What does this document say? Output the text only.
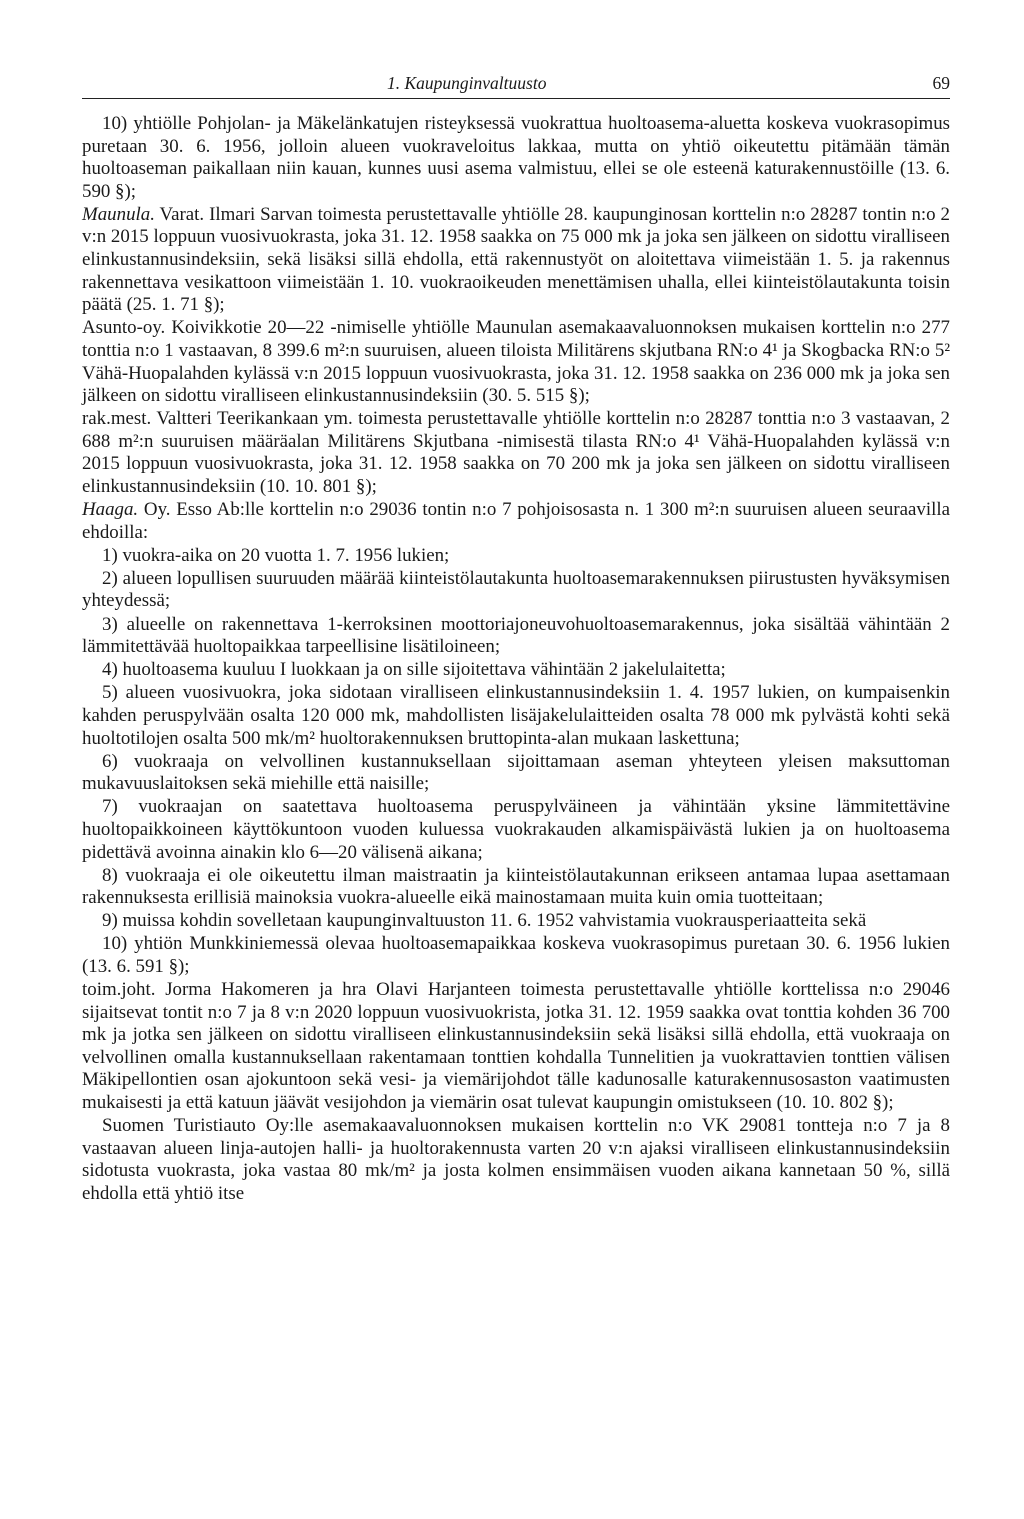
1. Kaupunginvaltuusto	69

10) yhtiölle Pohjolan- ja Mäkelänkatujen risteyksessä vuokrattua huoltoasema-aluetta koskeva vuokrasopimus puretaan 30. 6. 1956, jolloin alueen vuokraveloitus lakkaa, mutta on yhtiö oikeutettu pitämään tämän huoltoaseman paikallaan niin kauan, kunnes uusi asema valmistuu, ellei se ole esteenä katurakennustöille (13. 6. 590 §);

Maunula. Varat. Ilmari Sarvan toimesta perustettavalle yhtiölle 28. kaupunginosan korttelin n:o 28287 tontin n:o 2 v:n 2015 loppuun vuosivuokrasta, joka 31. 12. 1958 saakka on 75 000 mk ja joka sen jälkeen on sidottu viralliseen elinkustannusindeksiin, sekä lisäksi sillä ehdolla, että rakennustyöt on aloitettava viimeistään 1. 5. ja rakennus rakennettava vesikattoon viimeistään 1. 10. vuokraoikeuden menettämisen uhalla, ellei kiinteistölautakunta toisin päätä (25. 1. 71 §);

Asunto-oy. Koivikkotie 20—22 -nimiselle yhtiölle Maunulan asemakaavaluonnoksen mukaisen korttelin n:o 277 tonttia n:o 1 vastaavan, 8 399.6 m²:n suuruisen, alueen tiloista Militärens skjutbana RN:o 4¹ ja Skogbacka RN:o 5² Vähä-Huopalahden kylässä v:n 2015 loppuun vuosivuokrasta, joka 31. 12. 1958 saakka on 236 000 mk ja joka sen jälkeen on sidottu viralliseen elinkustannusindeksiin (30. 5. 515 §);

rak.mest. Valtteri Teerikankaan ym. toimesta perustettavalle yhtiölle korttelin n:o 28287 tonttia n:o 3 vastaavan, 2 688 m²:n suuruisen määräalan Militärens Skjutbana -nimisestä tilasta RN:o 4¹ Vähä-Huopalahden kylässä v:n 2015 loppuun vuosivuokrasta, joka 31. 12. 1958 saakka on 70 200 mk ja joka sen jälkeen on sidottu viralliseen elinkustannusindeksiin (10. 10. 801 §);

Haaga. Oy. Esso Ab:lle korttelin n:o 29036 tontin n:o 7 pohjoisosasta n. 1 300 m²:n suuruisen alueen seuraavilla ehdoilla:

1) vuokra-aika on 20 vuotta 1. 7. 1956 lukien;

2) alueen lopullisen suuruuden määrää kiinteistölautakunta huoltoasemarakennuksen piirustusten hyväksymisen yhteydessä;

3) alueelle on rakennettava 1-kerroksinen moottoriajoneuvohuoltoasemarakennus, joka sisältää vähintään 2 lämmitettävää huoltopaikkaa tarpeellisine lisätiloineen;

4) huoltoasema kuuluu I luokkaan ja on sille sijoitettava vähintään 2 jakelulaitetta;

5) alueen vuosivuokra, joka sidotaan viralliseen elinkustannusindeksiin 1. 4. 1957 lukien, on kumpaisenkin kahden peruspylvään osalta 120 000 mk, mahdollisten lisäjakelulaitteiden osalta 78 000 mk pylvästä kohti sekä huoltotilojen osalta 500 mk/m² huoltorakennuksen bruttopinta-alan mukaan laskettuna;

6) vuokraaja on velvollinen kustannuksellaan sijoittamaan aseman yhteyteen yleisen maksuttoman mukavuuslaitoksen sekä miehille että naisille;

7) vuokraajan on saatettava huoltoasema peruspylväineen ja vähintään yksine lämmitettävine huoltopaikkoineen käyttökuntoon vuoden kuluessa vuokrakauden alkamispäivästä lukien ja on huoltoasema pidettävä avoinna ainakin klo 6—20 välisenä aikana;

8) vuokraaja ei ole oikeutettu ilman maistraatin ja kiinteistölautakunnan erikseen antamaa lupaa asettamaan rakennuksesta erillisiä mainoksia vuokra-alueelle eikä mainostamaan muita kuin omia tuotteitaan;

9) muissa kohdin sovelletaan kaupunginvaltuuston 11. 6. 1952 vahvistamia vuokrausperiaatteita sekä

10) yhtiön Munkkiniemessä olevaa huoltoasemapaikkaa koskeva vuokrasopimus puretaan 30. 6. 1956 lukien (13. 6. 591 §);

toim.joht. Jorma Hakomeren ja hra Olavi Harjanteen toimesta perustettavalle yhtiölle korttelissa n:o 29046 sijaitsevat tontit n:o 7 ja 8 v:n 2020 loppuun vuosivuokrista, jotka 31. 12. 1959 saakka ovat tonttia kohden 36 700 mk ja jotka sen jälkeen on sidottu viralliseen elinkustannusindeksiin sekä lisäksi sillä ehdolla, että vuokraaja on velvollinen omalla kustannuksellaan rakentamaan tonttien kohdalla Tunnelitien ja vuokrattavien tonttien välisen Mäkipellontien osan ajokuntoon sekä vesi- ja viemärijohdot tälle kadunosalle katurakennusosaston vaatimusten mukaisesti ja että katuun jäävät vesijohdon ja viemärin osat tulevat kaupungin omistukseen (10. 10. 802 §);

Suomen Turistiauto Oy:lle asemakaavaluonnoksen mukaisen korttelin n:o VK 29081 tontteja n:o 7 ja 8 vastaavan alueen linja-autojen halli- ja huoltorakennusta varten 20 v:n ajaksi viralliseen elinkustannusindeksiin sidotusta vuokrasta, joka vastaa 80 mk/m² ja josta kolmen ensimmäisen vuoden aikana kannetaan 50 %, sillä ehdolla että yhtiö itse
